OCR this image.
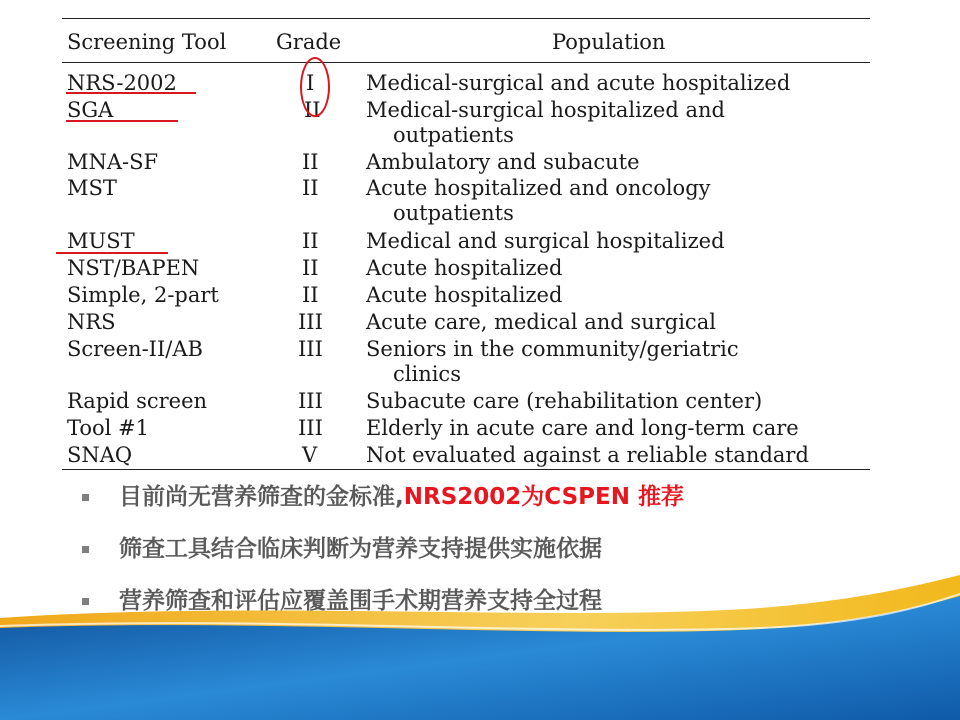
Screening Tool Grade	Population
NRS-2002	I Medical-surgical and acute hospitalized
SGA	II Medical-surgical hospitalized and
outpatients
MNA-SF	II Ambulatory and subacute
MST	II Acute hospitalized and oncology
outpatients
MUST	II Medical and surgical hospitalized
NST/BAPEN	II Acute hospitalized
Simple, 2-part	II Acute hospitalized
NRS	III Acute care, medical and surgical
Screen-II/AB	III Seniors in the community/geriatric
clinics
Rapid screen	III Subacute care (rehabilitation center)
Tool #1	III Elderly in acute care and long-term care
SNAQ	V Not evaluated against a reliable standard
目前尚无营养筛查的金标准,NRS2002为CSPEN 推荐
筛查工具结合临床判断为营养支持提供实施依据
营养筛查和评估应覆盖围手术期营养支持全过程
